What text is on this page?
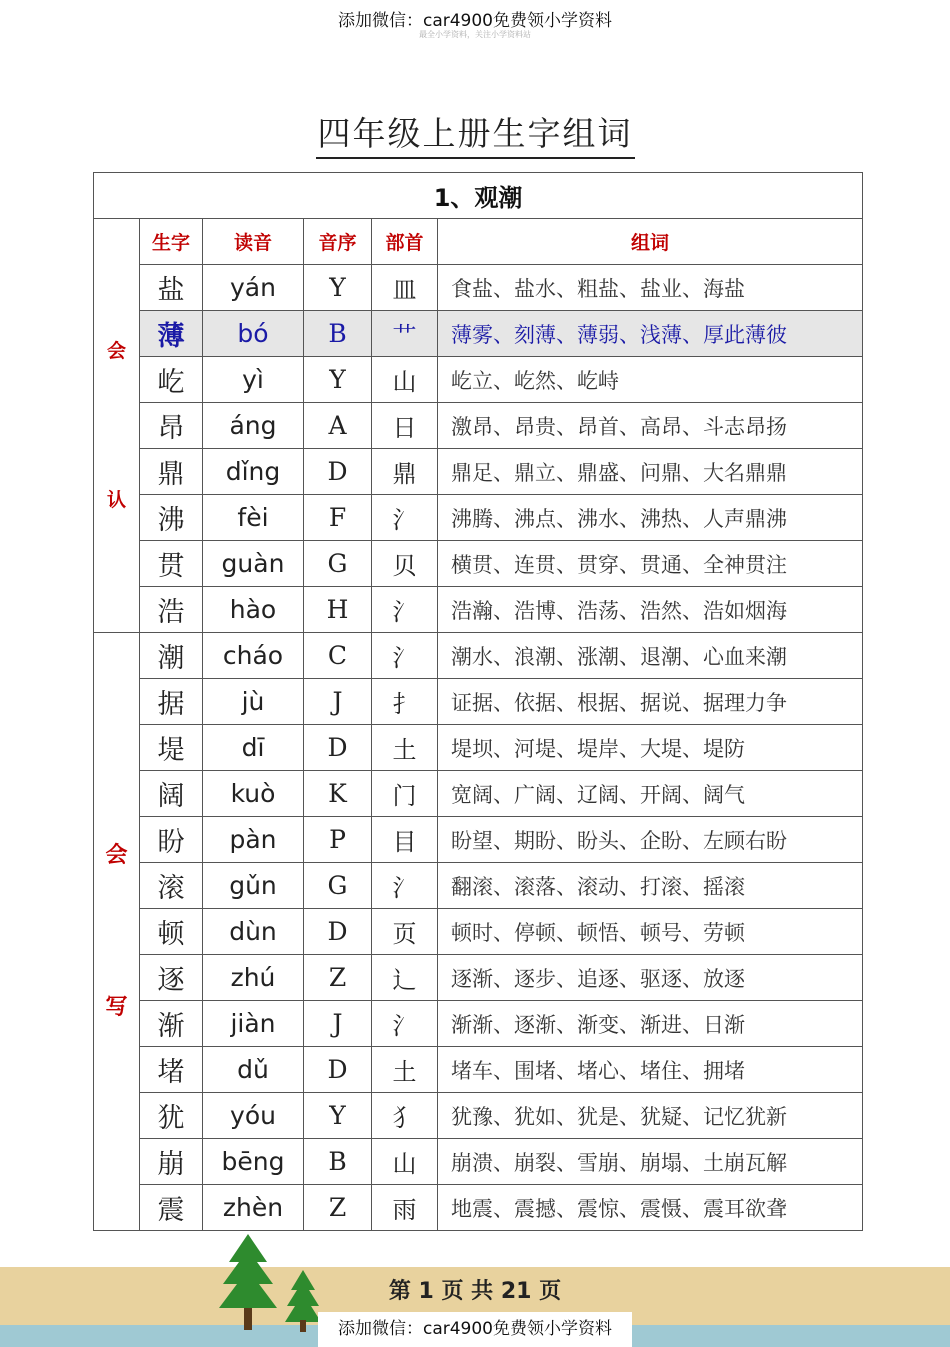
添加微信：car4900免费领小学资料
最全小学资料，关注小学资料站
四年级上册生字组词
1、观潮					

会
认	生字	读音	音序	部首	组词
	盐	yán	Y	皿	食盐、盐水、粗盐、盐业、海盐
	薄	bó	B	艹	薄雾、刻薄、薄弱、浅薄、厚此薄彼
	屹	yì	Y	山	屹立、屹然、屹峙
	昂	áng	A	日	激昂、昂贵、昂首、高昂、斗志昂扬
	鼎	dǐng	D	鼎	鼎足、鼎立、鼎盛、问鼎、大名鼎鼎
	沸	fèi	F	氵	沸腾、沸点、沸水、沸热、人声鼎沸
	贯	guàn	G	贝	横贯、连贯、贯穿、贯通、全神贯注
	浩	hào	H	氵	浩瀚、浩博、浩荡、浩然、浩如烟海

会
写	潮	cháo	C	氵	潮水、浪潮、涨潮、退潮、心血来潮
	据	jù	J	扌	证据、依据、根据、据说、据理力争
	堤	dī	D	土	堤坝、河堤、堤岸、大堤、堤防
	阔	kuò	K	门	宽阔、广阔、辽阔、开阔、阔气
	盼	pàn	P	目	盼望、期盼、盼头、企盼、左顾右盼
	滚	gǔn	G	氵	翻滚、滚落、滚动、打滚、摇滚
	顿	dùn	D	页	顿时、停顿、顿悟、顿号、劳顿
	逐	zhú	Z	辶	逐渐、逐步、追逐、驱逐、放逐
	渐	jiàn	J	氵	渐渐、逐渐、渐变、渐进、日渐
	堵	dǔ	D	土	堵车、围堵、堵心、堵住、拥堵
	犹	yóu	Y	犭	犹豫、犹如、犹是、犹疑、记忆犹新
	崩	bēng	B	山	崩溃、崩裂、雪崩、崩塌、土崩瓦解
	震	zhèn	Z	雨	地震、震撼、震惊、震慑、震耳欲聋
第 1 页 共 21 页
添加微信：car4900免费领小学资料
